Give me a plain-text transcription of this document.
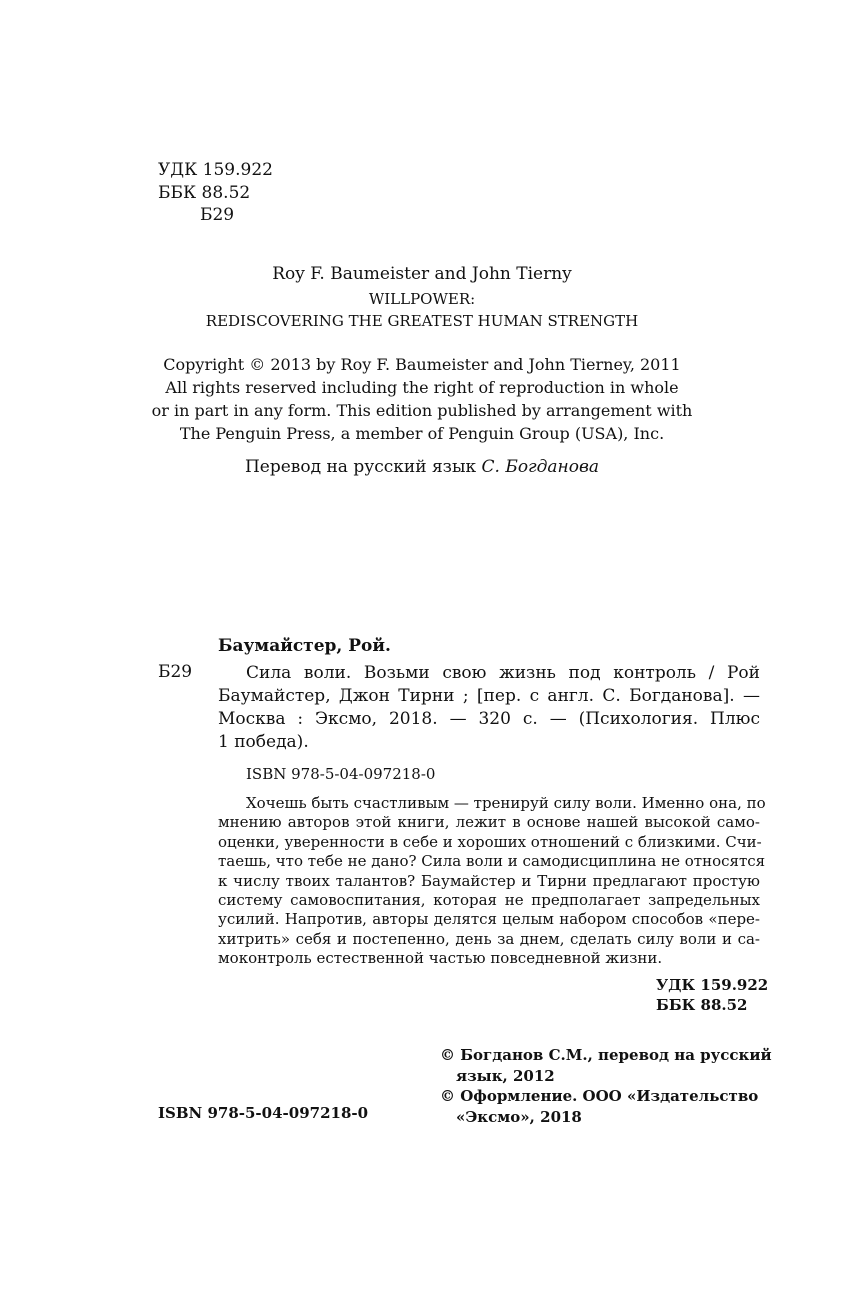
УДК 159.922
ББК 88.52
Б29
Roy F. Baumeister and John Tierny
WILLPOWER:
REDISCOVERING THE GREATEST HUMAN STRENGTH
Copyright © 2013 by Roy F. Baumeister and John Tierney, 2011
All rights reserved including the right of reproduction in whole
or in part in any form. This edition published by arrangement with
The Penguin Press, a member of Penguin Group (USA), Inc.
Перевод на русский язык С. Богданова
Баумайстер, Рой.
Б29	Сила воли. Возьми свою жизнь под контроль / Рой
Баумайстер, Джон Тирни ; [пер. с англ. С. Богданова]. —
Москва : Эксмо, 2018. — 320 с. — (Психология. Плюс
1 победа).
ISBN 978-5-04-097218-0
Хочешь быть счастливым — тренируй силу воли. Именно она, по
мнению авторов этой книги, лежит в основе нашей высокой само-
оценки, уверенности в себе и хороших отношений с близкими. Счи-
таешь, что тебе не дано? Сила воли и самодисциплина не относятся
к числу твоих талантов? Баумайстер и Тирни предлагают простую
систему самовоспитания, которая не предполагает запредельных
усилий. Напротив, авторы делятся целым набором способов «пере-
хитрить» себя и постепенно, день за днем, сделать силу воли и са-
моконтроль естественной частью повседневной жизни.
УДК 159.922
ББК 88.52
ISBN 978-5-04-097218-0
© Богданов С.М., перевод на русский
язык, 2012
© Оформление. ООО «Издательство
«Эксмо», 2018
